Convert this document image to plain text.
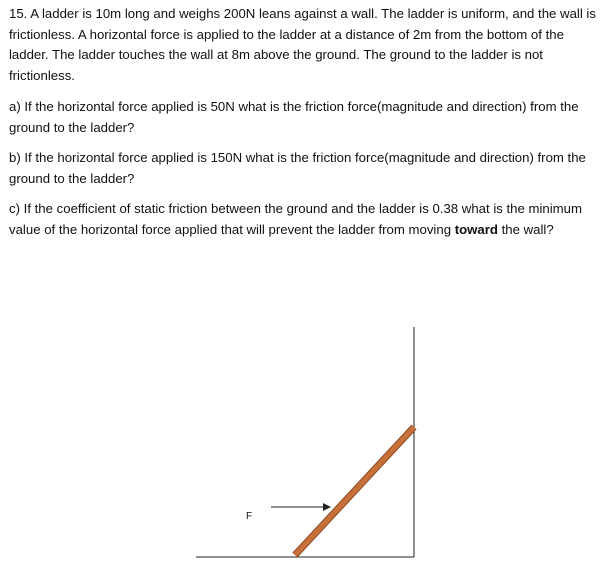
15. A ladder is 10m long and weighs 200N leans against a wall. The ladder is uniform, and the wall is frictionless. A horizontal force is applied to the ladder at a distance of 2m from the bottom of the ladder. The ladder touches the wall at 8m above the ground. The ground to the ladder is not frictionless.

a) If the horizontal force applied is 50N what is the friction force(magnitude and direction) from the ground to the ladder?

b) If the horizontal force applied is 150N what is the friction force(magnitude and direction) from the ground to the ladder?

c) If the coefficient of static friction between the ground and the ladder is 0.38 what is the minimum value of the horizontal force applied that will prevent the ladder from moving toward the wall?

F
